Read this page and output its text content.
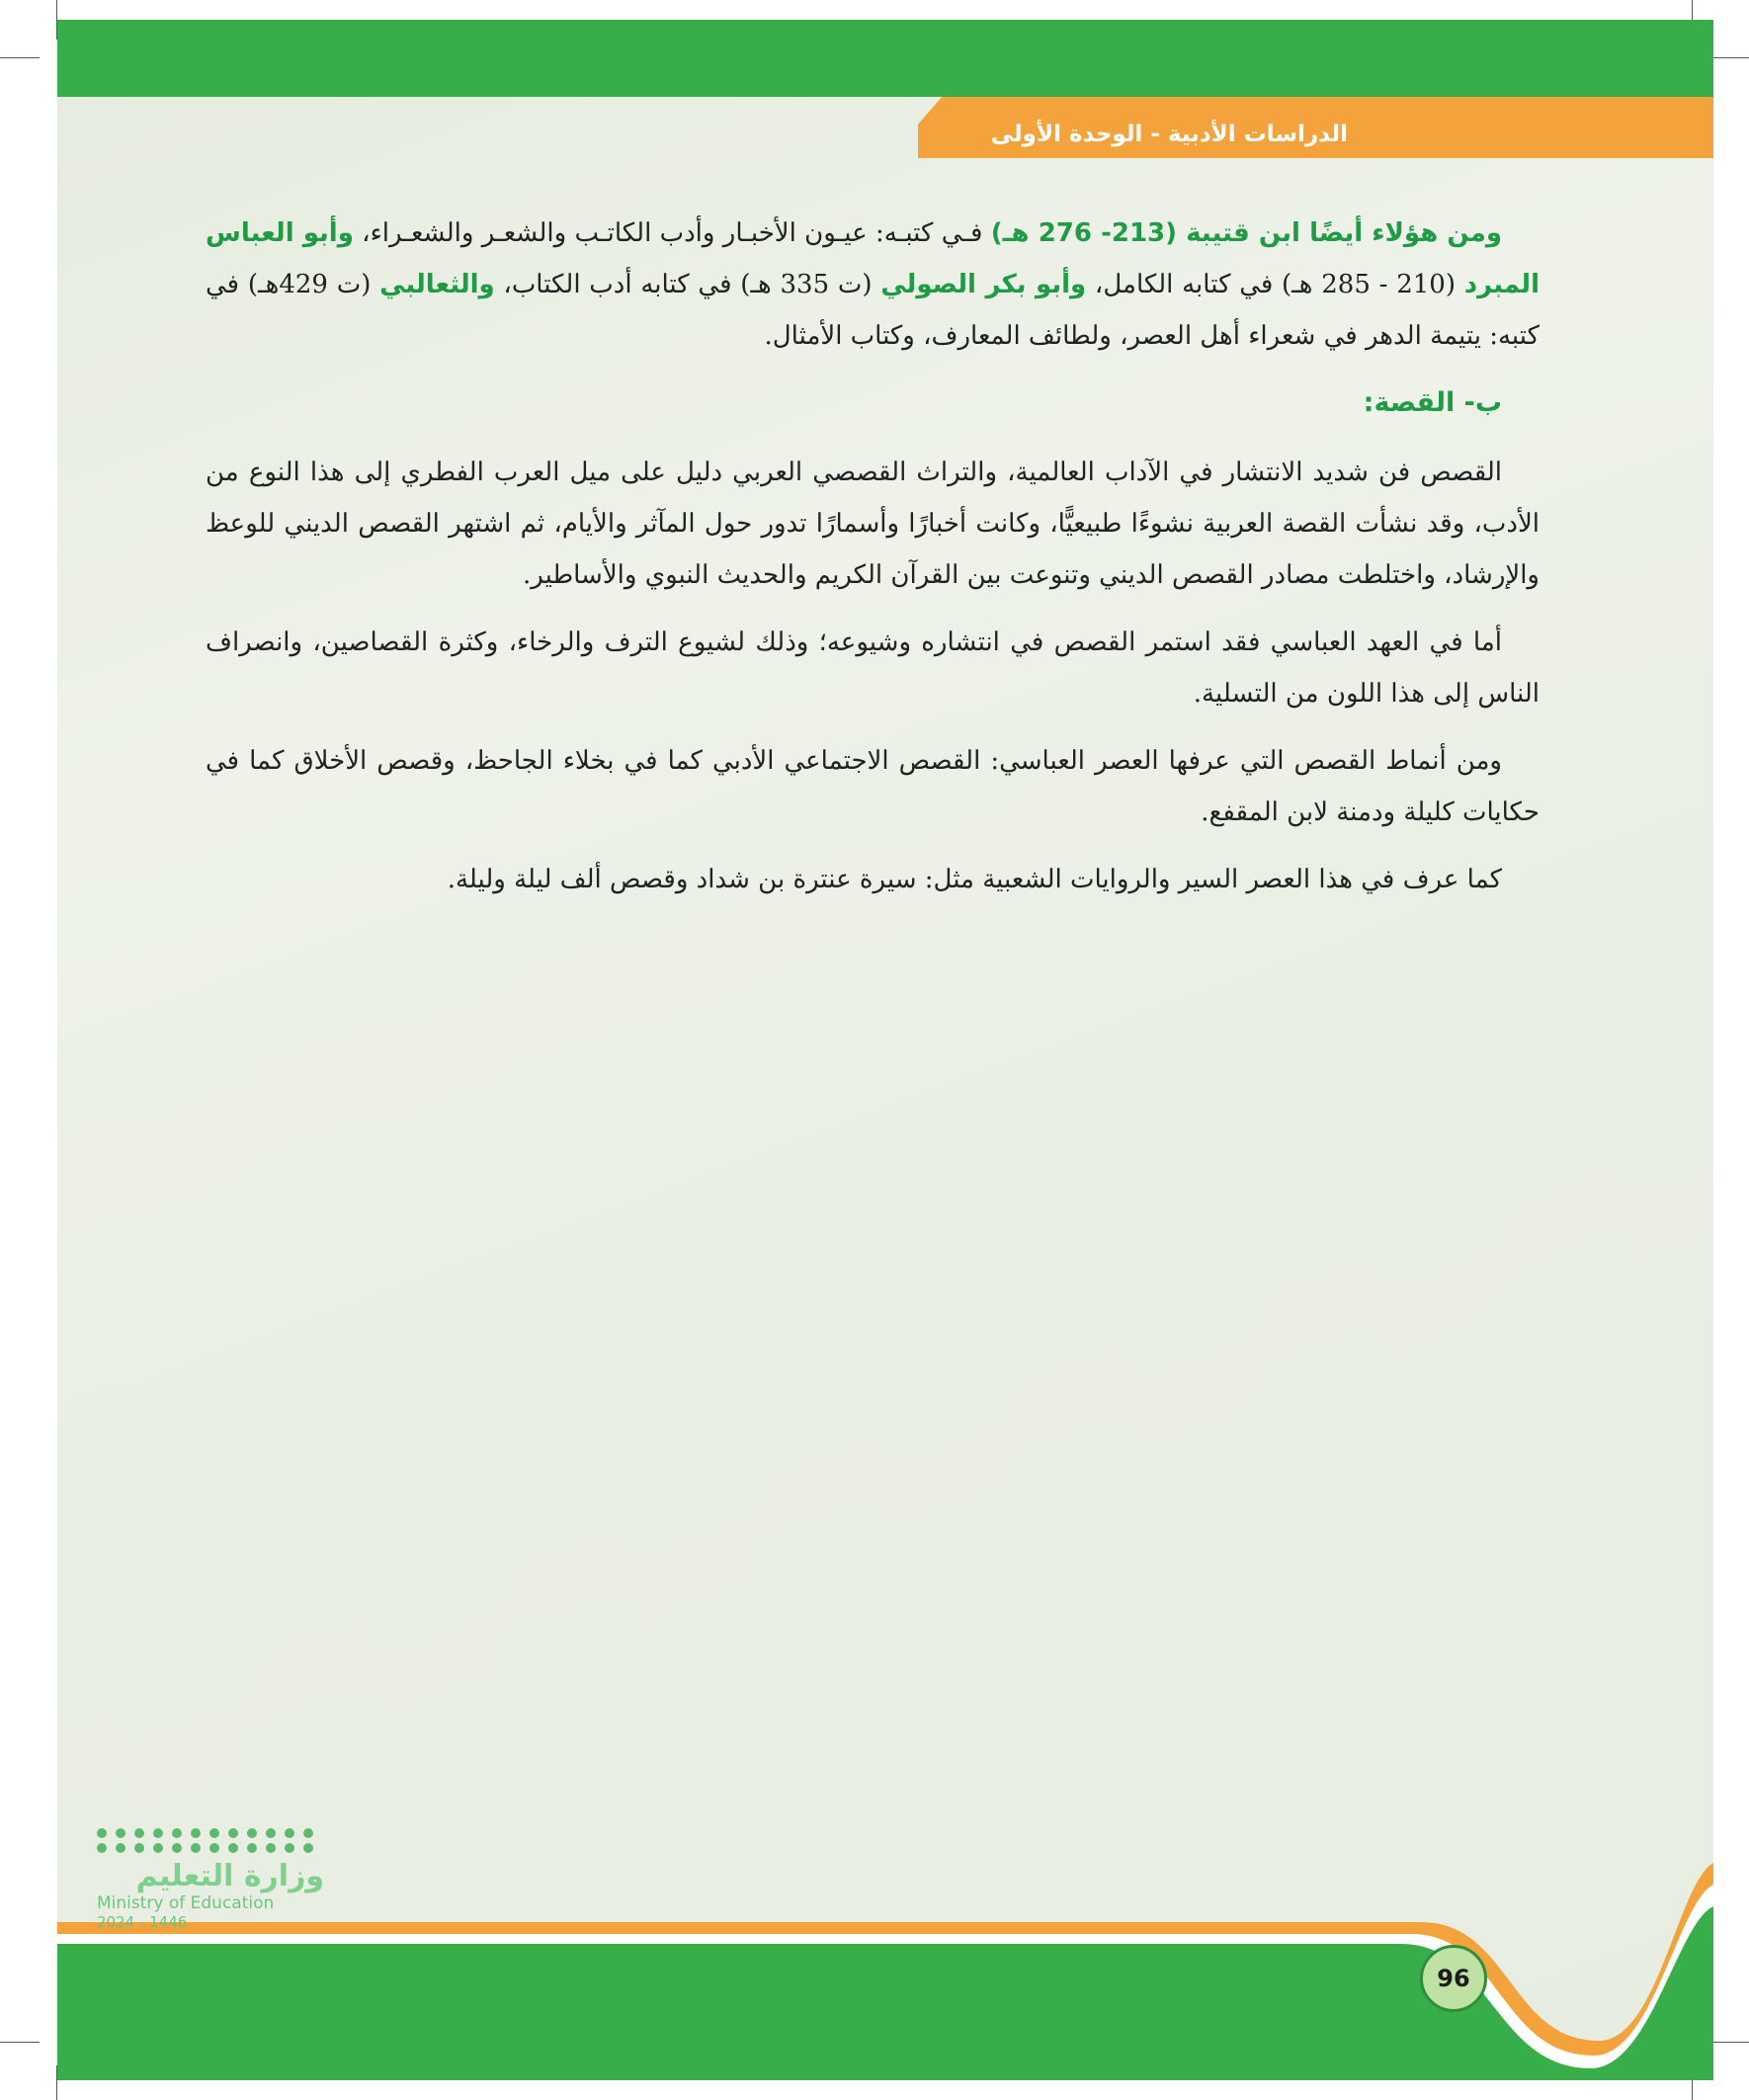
الدراسات الأدبية - الوحدة الأولى

ومن هؤلاء أيضًا ابن قتيبة (213- 276 هـ) فـي كتبـه: عيـون الأخبـار وأدب الكاتـب والشعـر والشعـراء، وأبو العباس المبرد (210 - 285 هـ) في كتابه الكامل، وأبو بكر الصولي (ت 335 هـ) في كتابه أدب الكتاب، والثعالبي (ت 429هـ) في كتبه: يتيمة الدهر في شعراء أهل العصر، ولطائف المعارف، وكتاب الأمثال.

ب- القصة:

القصص فن شديد الانتشار في الآداب العالمية، والتراث القصصي العربي دليل على ميل العرب الفطري إلى هذا النوع من الأدب، وقد نشأت القصة العربية نشوءًا طبيعيًّا، وكانت أخبارًا وأسمارًا تدور حول المآثر والأيام، ثم اشتهر القصص الديني للوعظ والإرشاد، واختلطت مصادر القصص الديني وتنوعت بين القرآن الكريم والحديث النبوي والأساطير.

أما في العهد العباسي فقد استمر القصص في انتشاره وشيوعه؛ وذلك لشيوع الترف والرخاء، وكثرة القصاصين، وانصراف الناس إلى هذا اللون من التسلية.

ومن أنماط القصص التي عرفها العصر العباسي: القصص الاجتماعي الأدبي كما في بخلاء الجاحظ، وقصص الأخلاق كما في حكايات كليلة ودمنة لابن المقفع.

كما عرف في هذا العصر السير والروايات الشعبية مثل: سيرة عنترة بن شداد وقصص ألف ليلة وليلة.

96
وزارة التعليم
Ministry of Education
2024 - 1446
